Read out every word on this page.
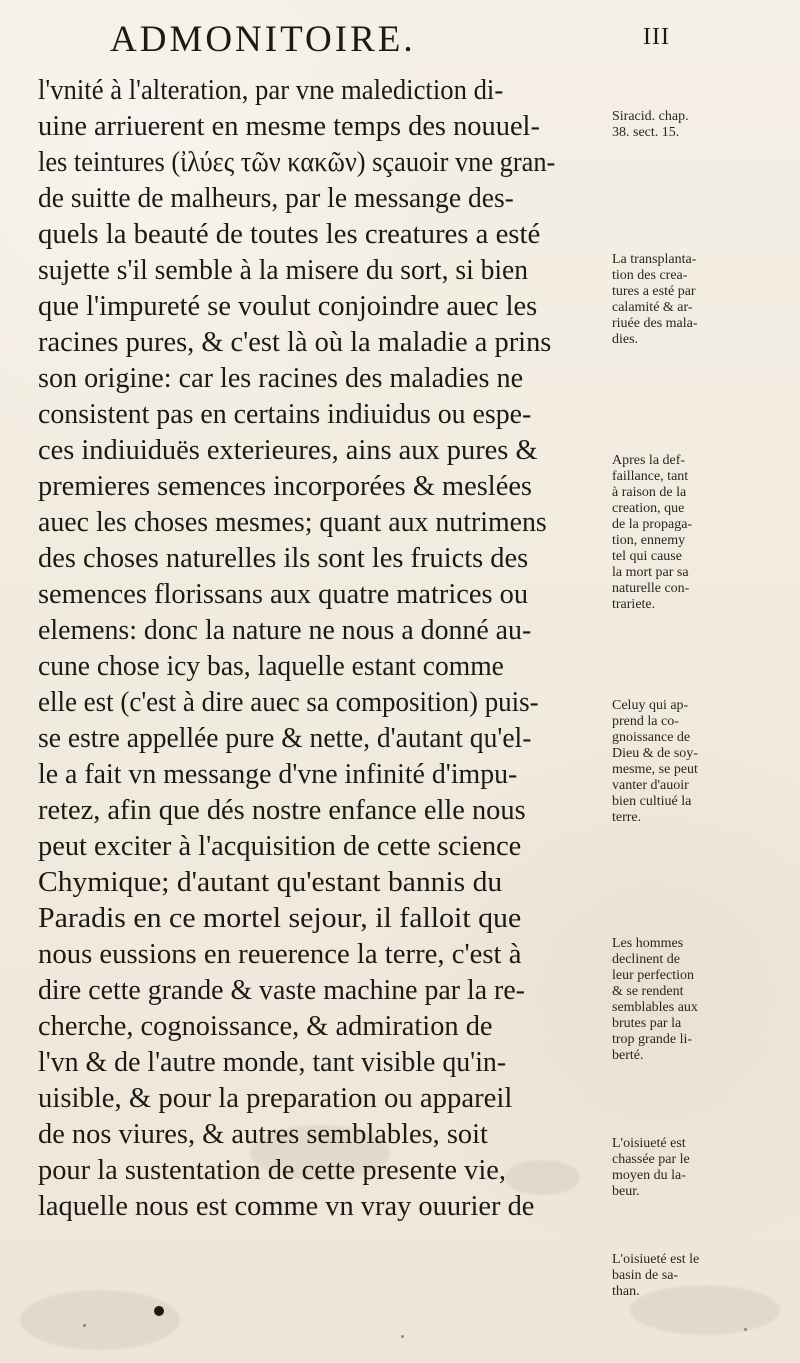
ADMONITOIRE.	III
l'vnité à l'alteration, par vne malediction di-
uine arriuerent en mesme temps des nouuel-
les teintures (ἰλύες τῶν κακῶν) sçauoir vne gran-
de suitte de malheurs, par le messange des-
quels la beauté de toutes les creatures a esté
sujette s'il semble à la misere du sort, si bien
que l'impureté se voulut conjoindre auec les
racines pures, & c'est là où la maladie a prins
son origine: car les racines des maladies ne
consistent pas en certains indiuidus ou espe-
ces indiuiduës exterieures, ains aux pures &
premieres semences incorporées & meslées
auec les choses mesmes; quant aux nutrimens
des choses naturelles ils sont les fruicts des
semences florissans aux quatre matrices ou
elemens: donc la nature ne nous a donné au-
cune chose icy bas, laquelle estant comme
elle est (c'est à dire auec sa composition) puis-
se estre appellée pure & nette, d'autant qu'el-
le a fait vn messange d'vne infinité d'impu-
retez, afin que dés nostre enfance elle nous
peut exciter à l'acquisition de cette science
Chymique; d'autant qu'estant bannis du
Paradis en ce mortel sejour, il falloit que
nous eussions en reuerence la terre, c'est à
dire cette grande & vaste machine par la re-
cherche, cognoissance, & admiration de
l'vn & de l'autre monde, tant visible qu'in-
uisible, & pour la preparation ou appareil
de nos viures, & autres semblables, soit
pour la sustentation de cette presente vie,
laquelle nous est comme vn vray ouurier de
Siracid. chap.
38. sect. 15.
La transplanta-
tion des crea-
tures a esté par
calamité & ar-
riuée des mala-
dies.
Apres la def-
faillance, tant
à raison de la
creation, que
de la propaga-
tion, ennemy
tel qui cause
la mort par sa
naturelle con-
trariete.
Celuy qui ap-
prend la co-
gnoissance de
Dieu & de soy-
mesme, se peut
vanter d'auoir
bien cultiué la
terre.
Les hommes
declinent de
leur perfection
& se rendent
semblables aux
brutes par la
trop grande li-
berté.
L'oisiueté est
chassée par le
moyen du la-
beur.
L'oisiueté est le
basin de sa-
than.
